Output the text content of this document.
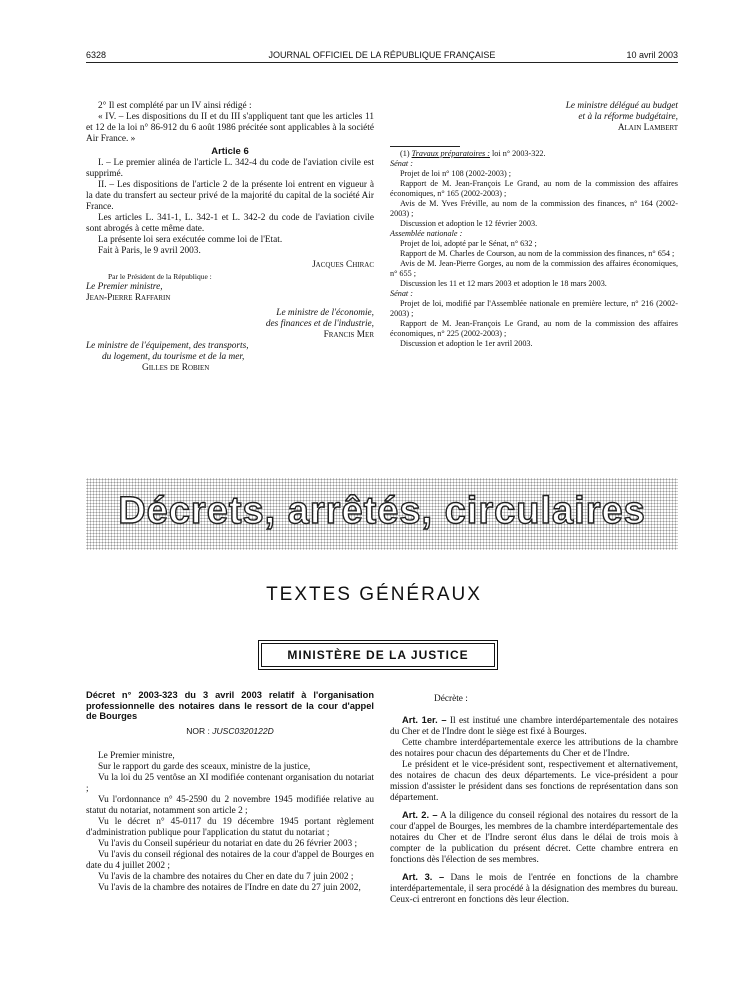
6328	JOURNAL OFFICIEL DE LA RÉPUBLIQUE FRANÇAISE	10 avril 2003

2° Il est complété par un IV ainsi rédigé :

« IV. – Les dispositions du II et du III s'appliquent tant que les articles 11 et 12 de la loi n° 86-912 du 6 août 1986 précitée sont applicables à la société Air France. »

Article 6

I. – Le premier alinéa de l'article L. 342-4 du code de l'aviation civile est supprimé.

II. – Les dispositions de l'article 2 de la présente loi entrent en vigueur à la date du transfert au secteur privé de la majorité du capital de la société Air France.

Les articles L. 341-1, L. 342-1 et L. 342-2 du code de l'aviation civile sont abrogés à cette même date.

La présente loi sera exécutée comme loi de l'Etat.

Fait à Paris, le 9 avril 2003.

Jacques Chirac

Par le Président de la République :

Le Premier ministre,

Jean-Pierre Raffarin

Le ministre de l'économie,

des finances et de l'industrie,

Francis Mer

Le ministre de l'équipement, des transports,

du logement, du tourisme et de la mer,

Gilles de Robien

Le ministre délégué au budget

et à la réforme budgétaire,

Alain Lambert

(1) Travaux préparatoires : loi n° 2003-322.

Sénat :

Projet de loi n° 108 (2002-2003) ;

Rapport de M. Jean-François Le Grand, au nom de la commission des affaires économiques, n° 165 (2002-2003) ;

Avis de M. Yves Fréville, au nom de la commission des finances, n° 164 (2002-2003) ;

Discussion et adoption le 12 février 2003.

Assemblée nationale :

Projet de loi, adopté par le Sénat, n° 632 ;

Rapport de M. Charles de Courson, au nom de la commission des finances, n° 654 ;

Avis de M. Jean-Pierre Gorges, au nom de la commission des affaires économiques, n° 655 ;

Discussion les 11 et 12 mars 2003 et adoption le 18 mars 2003.

Sénat :

Projet de loi, modifié par l'Assemblée nationale en première lecture, n° 216 (2002-2003) ;

Rapport de M. Jean-François Le Grand, au nom de la commission des affaires économiques, n° 225 (2002-2003) ;

Discussion et adoption le 1er avril 2003.

Décrets, arrêtés, circulaires
TEXTES GÉNÉRAUX
MINISTÈRE DE LA JUSTICE

Décret n° 2003-323 du 3 avril 2003 relatif à l'organisation professionnelle des notaires dans le ressort de la cour d'appel de Bourges

NOR : JUSC0320122D

Le Premier ministre,

Sur le rapport du garde des sceaux, ministre de la justice,

Vu la loi du 25 ventôse an XI modifiée contenant organisation du notariat ;

Vu l'ordonnance n° 45-2590 du 2 novembre 1945 modifiée relative au statut du notariat, notamment son article 2 ;

Vu le décret n° 45-0117 du 19 décembre 1945 portant règlement d'administration publique pour l'application du statut du notariat ;

Vu l'avis du Conseil supérieur du notariat en date du 26 février 2003 ;

Vu l'avis du conseil régional des notaires de la cour d'appel de Bourges en date du 4 juillet 2002 ;

Vu l'avis de la chambre des notaires du Cher en date du 7 juin 2002 ;

Vu l'avis de la chambre des notaires de l'Indre en date du 27 juin 2002,

Décrète :

Art. 1er. – Il est institué une chambre interdépartementale des notaires du Cher et de l'Indre dont le siège est fixé à Bourges.

Cette chambre interdépartementale exerce les attributions de la chambre des notaires pour chacun des départements du Cher et de l'Indre.

Le président et le vice-président sont, respectivement et alternativement, des notaires de chacun des deux départements. Le vice-président a pour mission d'assister le président dans ses fonctions de représentation dans son département.

Art. 2. – A la diligence du conseil régional des notaires du ressort de la cour d'appel de Bourges, les membres de la chambre interdépartementale des notaires du Cher et de l'Indre seront élus dans le délai de trois mois à compter de la publication du présent décret. Cette chambre entrera en fonctions dès l'élection de ses membres.

Art. 3. – Dans le mois de l'entrée en fonctions de la chambre interdépartementale, il sera procédé à la désignation des membres du bureau. Ceux-ci entreront en fonctions dès leur élection.
